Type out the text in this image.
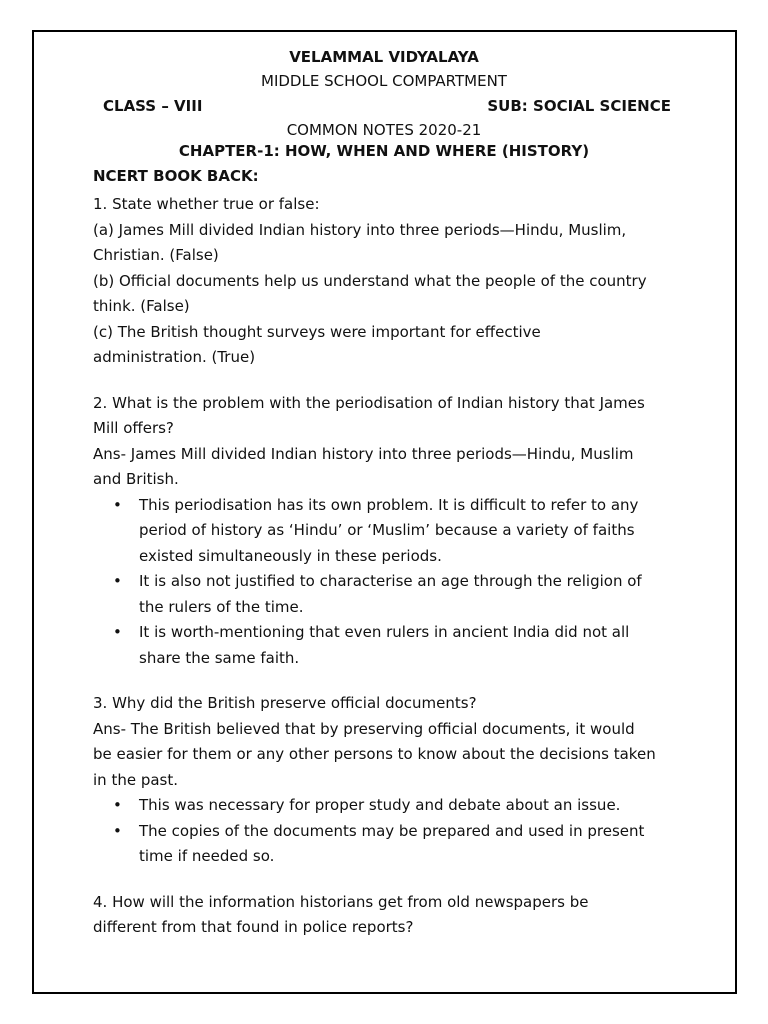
VELAMMAL VIDYALAYA
MIDDLE SCHOOL COMPARTMENT
CLASS – VIII	SUB: SOCIAL SCIENCE
COMMON NOTES 2020-21
CHAPTER-1: HOW, WHEN AND WHERE (HISTORY)
NCERT BOOK BACK:
1. State whether true or false:
(a) James Mill divided Indian history into three periods—Hindu, Muslim,
Christian. (False)
(b) Official documents help us understand what the people of the country
think. (False)
(c) The British thought surveys were important for effective
administration. (True)
2. What is the problem with the periodisation of Indian history that James
Mill offers?
Ans- James Mill divided Indian history into three periods—Hindu, Muslim
and British.
• This periodisation has its own problem. It is difficult to refer to any
period of history as ‘Hindu’ or ‘Muslim’ because a variety of faiths
existed simultaneously in these periods.
• It is also not justified to characterise an age through the religion of
the rulers of the time.
• It is worth-mentioning that even rulers in ancient India did not all
share the same faith.
3. Why did the British preserve official documents?
Ans- The British believed that by preserving official documents, it would
be easier for them or any other persons to know about the decisions taken
in the past.
• This was necessary for proper study and debate about an issue.
• The copies of the documents may be prepared and used in present
time if needed so.
4. How will the information historians get from old newspapers be
different from that found in police reports?
